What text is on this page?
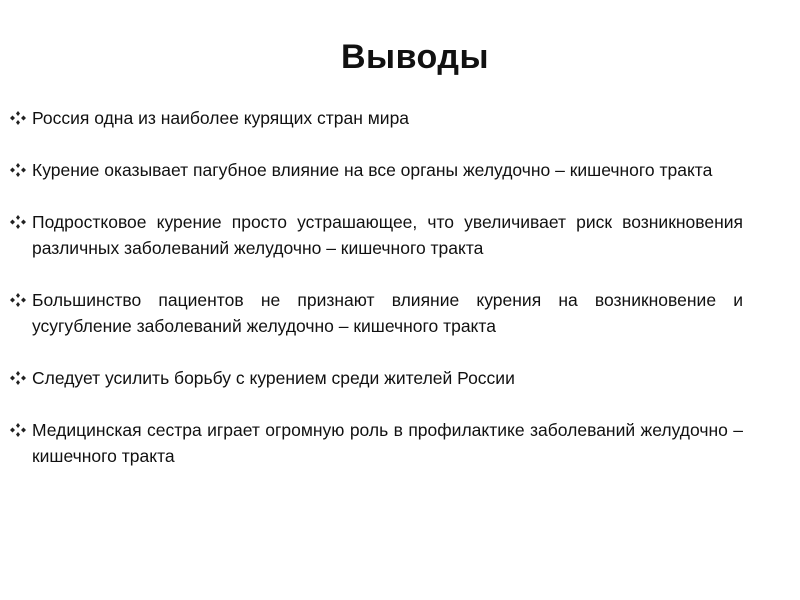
Выводы
Россия одна из наиболее курящих стран мира
Курение оказывает пагубное влияние на все органы желудочно – кишечного тракта
Подростковое курение просто устрашающее, что увеличивает риск возникновения различных заболеваний желудочно – кишечного тракта
Большинство пациентов не признают влияние курения на возникновение и усугубление заболеваний желудочно – кишечного тракта
Следует усилить борьбу с курением среди жителей России
Медицинская сестра играет огромную роль в профилактике заболеваний желудочно – кишечного тракта
